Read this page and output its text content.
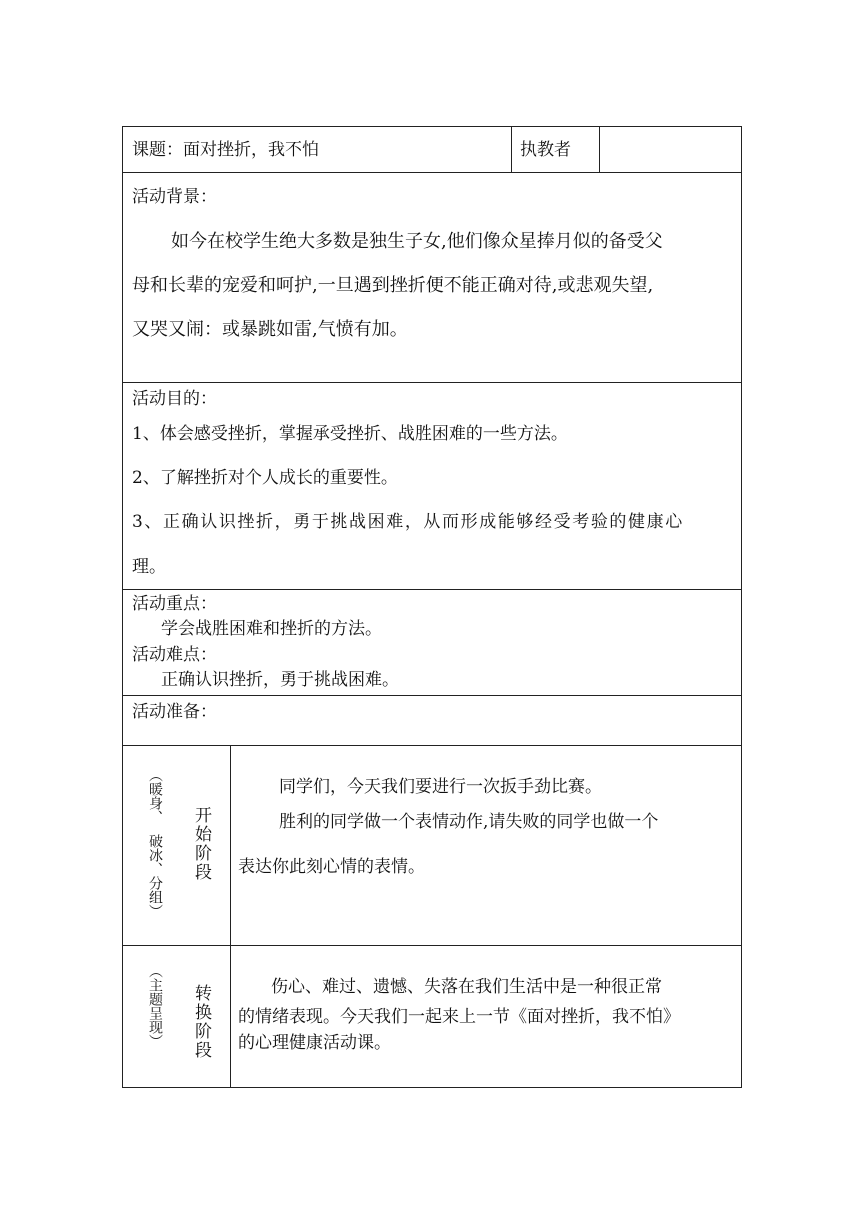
课题：面对挫折，我不怕	执教者
活动背景：
如今在校学生绝大多数是独生子女,他们像众星捧月似的备受父
母和长辈的宠爱和呵护,一旦遇到挫折便不能正确对待,或悲观失望,
又哭又闹：或暴跳如雷,气愤有加。
活动目的：
1、体会感受挫折，掌握承受挫折、战胜困难的一些方法。
2、了解挫折对个人成长的重要性。
3、正确认识挫折，勇于挑战困难，从而形成能够经受考验的健康心
理。
活动重点：
学会战胜困难和挫折的方法。
活动难点：
正确认识挫折，勇于挑战困难。
活动准备：
（暖身、
破冰、分组） 开始阶段
同学们，今天我们要进行一次扳手劲比赛。
胜利的同学做一个表情动作,请失败的同学也做一个
表达你此刻心情的表情。
（主题呈现） 转换阶段	伤心、难过、遗憾、失落在我们生活中是一种很正常
的情绪表现。今天我们一起来上一节《面对挫折，我不怕》
的心理健康活动课。
